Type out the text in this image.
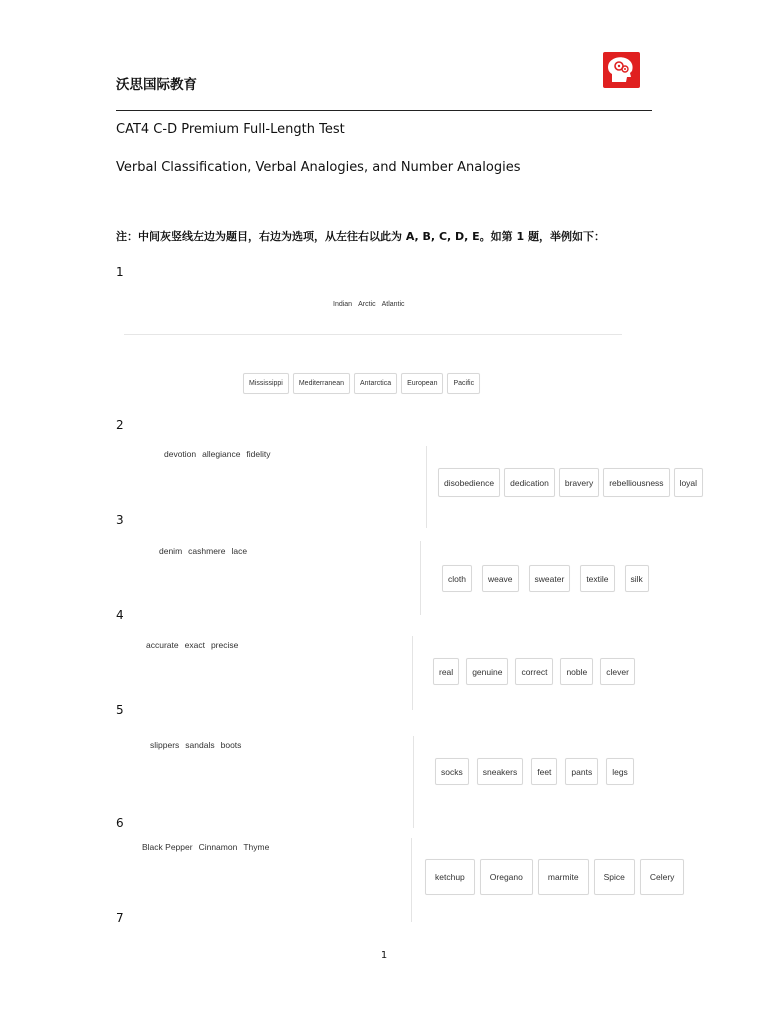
沃思国际教育
CAT4 C-D Premium Full-Length Test
Verbal Classification, Verbal Analogies, and Number Analogies
注：中间灰竖线左边为题目，右边为选项，从左往右以此为 A, B, C, D, E。如第 1 题，举例如下：
1
Indian Arctic Atlantic
Mississippi	Mediterranean	Antarctica	European	Pacific
2
devotion allegiance fidelity
disobedience	dedication	bravery	rebelliousness	loyal
3
denim cashmere lace
cloth	weave	sweater	textile	silk
4
accurate exact precise
real	genuine	correct	noble	clever
5
slippers sandals boots
socks	sneakers	feet	pants	legs
6
Black Pepper Cinnamon Thyme
ketchup	Oregano	marmite	Spice	Celery
7
1
